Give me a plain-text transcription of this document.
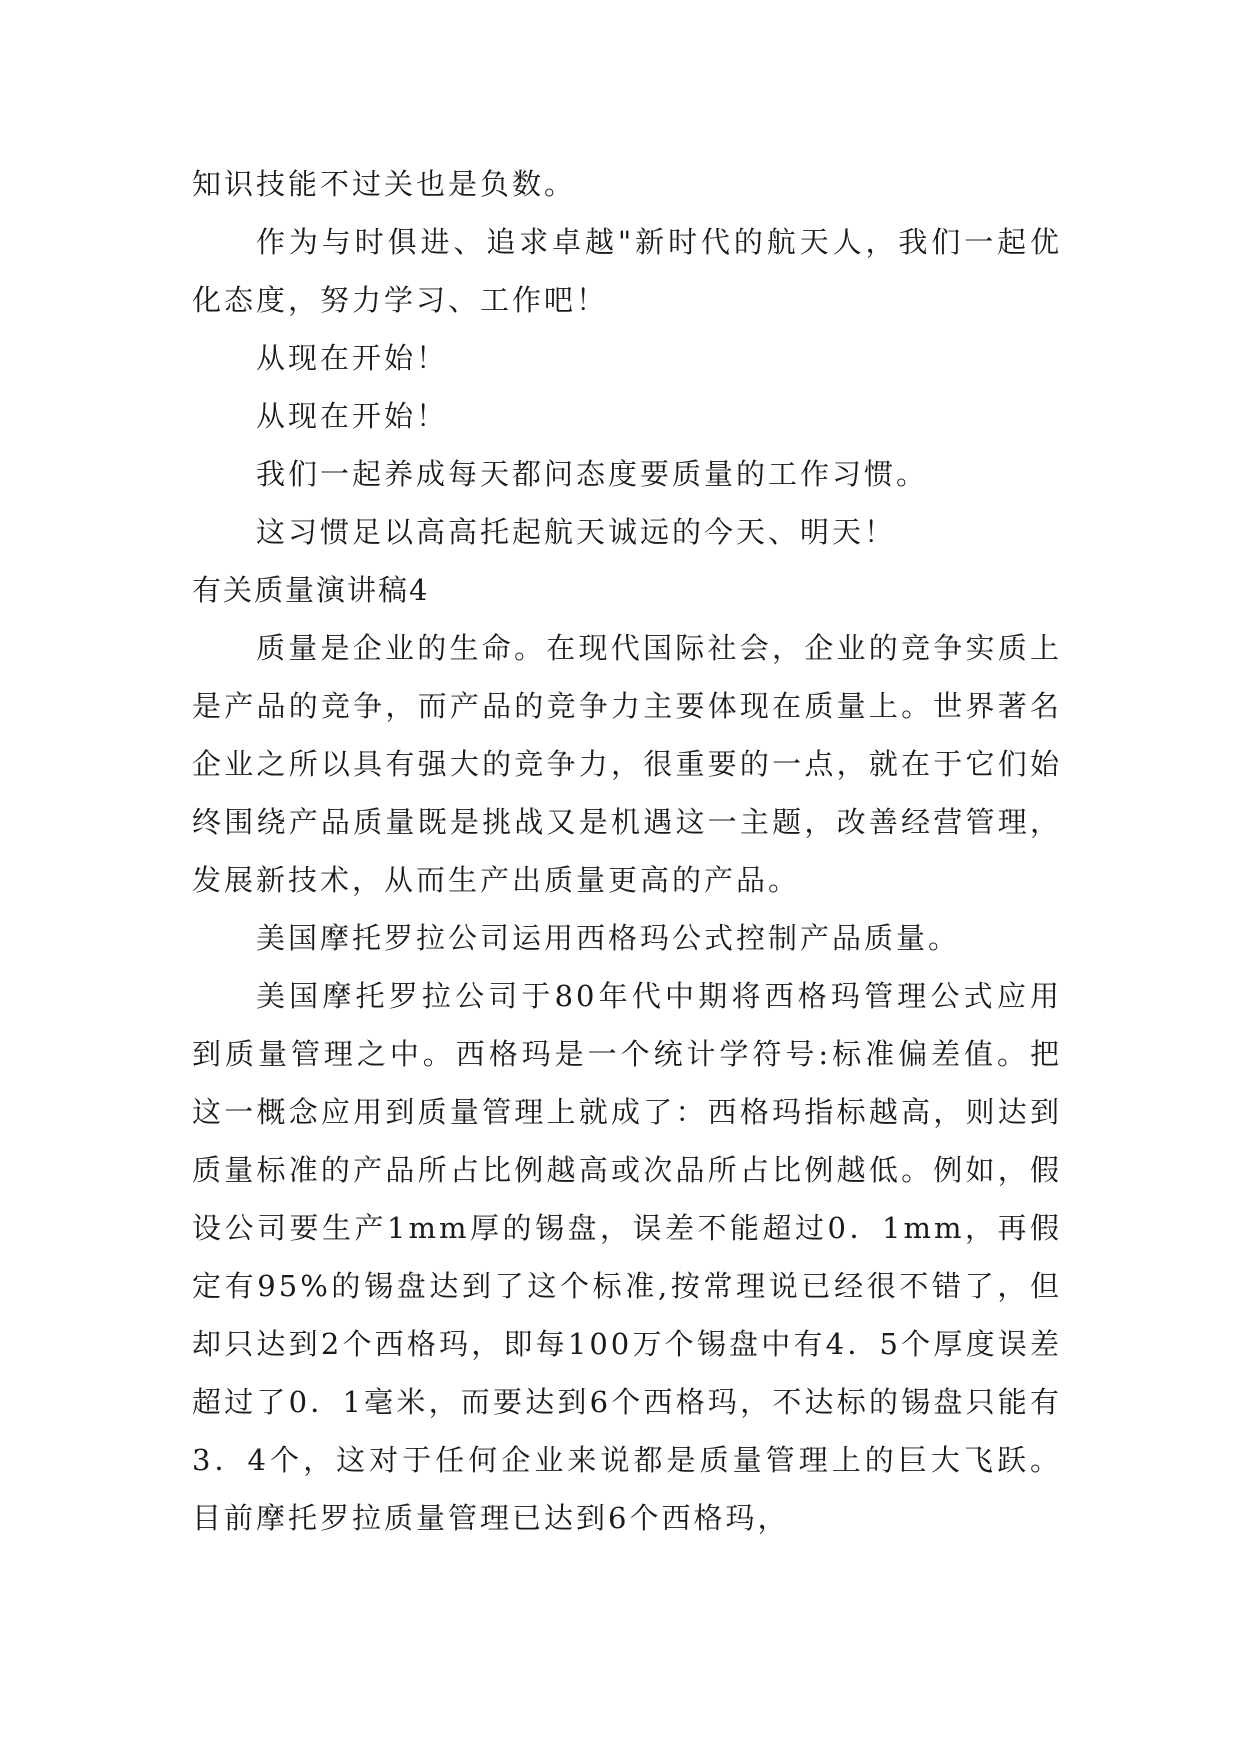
知识技能不过关也是负数。

作为与时俱进、追求卓越"新时代的航天人，我们一起优化态度，努力学习、工作吧！

从现在开始！

从现在开始！

我们一起养成每天都问态度要质量的工作习惯。

这习惯足以高高托起航天诚远的今天、明天！

有关质量演讲稿4

质量是企业的生命。在现代国际社会，企业的竞争实质上是产品的竞争，而产品的竞争力主要体现在质量上。世界著名企业之所以具有强大的竞争力，很重要的一点，就在于它们始终围绕产品质量既是挑战又是机遇这一主题，改善经营管理，发展新技术，从而生产出质量更高的产品。

美国摩托罗拉公司运用西格玛公式控制产品质量。

美国摩托罗拉公司于80年代中期将西格玛管理公式应用到质量管理之中。西格玛是一个统计学符号:标准偏差值。把这一概念应用到质量管理上就成了：西格玛指标越高，则达到质量标准的产品所占比例越高或次品所占比例越低。例如，假设公司要生产1mm厚的锡盘，误差不能超过0．1mm，再假定有95%的锡盘达到了这个标准,按常理说已经很不错了，但却只达到2个西格玛，即每100万个锡盘中有4．5个厚度误差超过了0．1毫米，而要达到6个西格玛，不达标的锡盘只能有3．4个，这对于任何企业来说都是质量管理上的巨大飞跃。目前摩托罗拉质量管理已达到6个西格玛，
